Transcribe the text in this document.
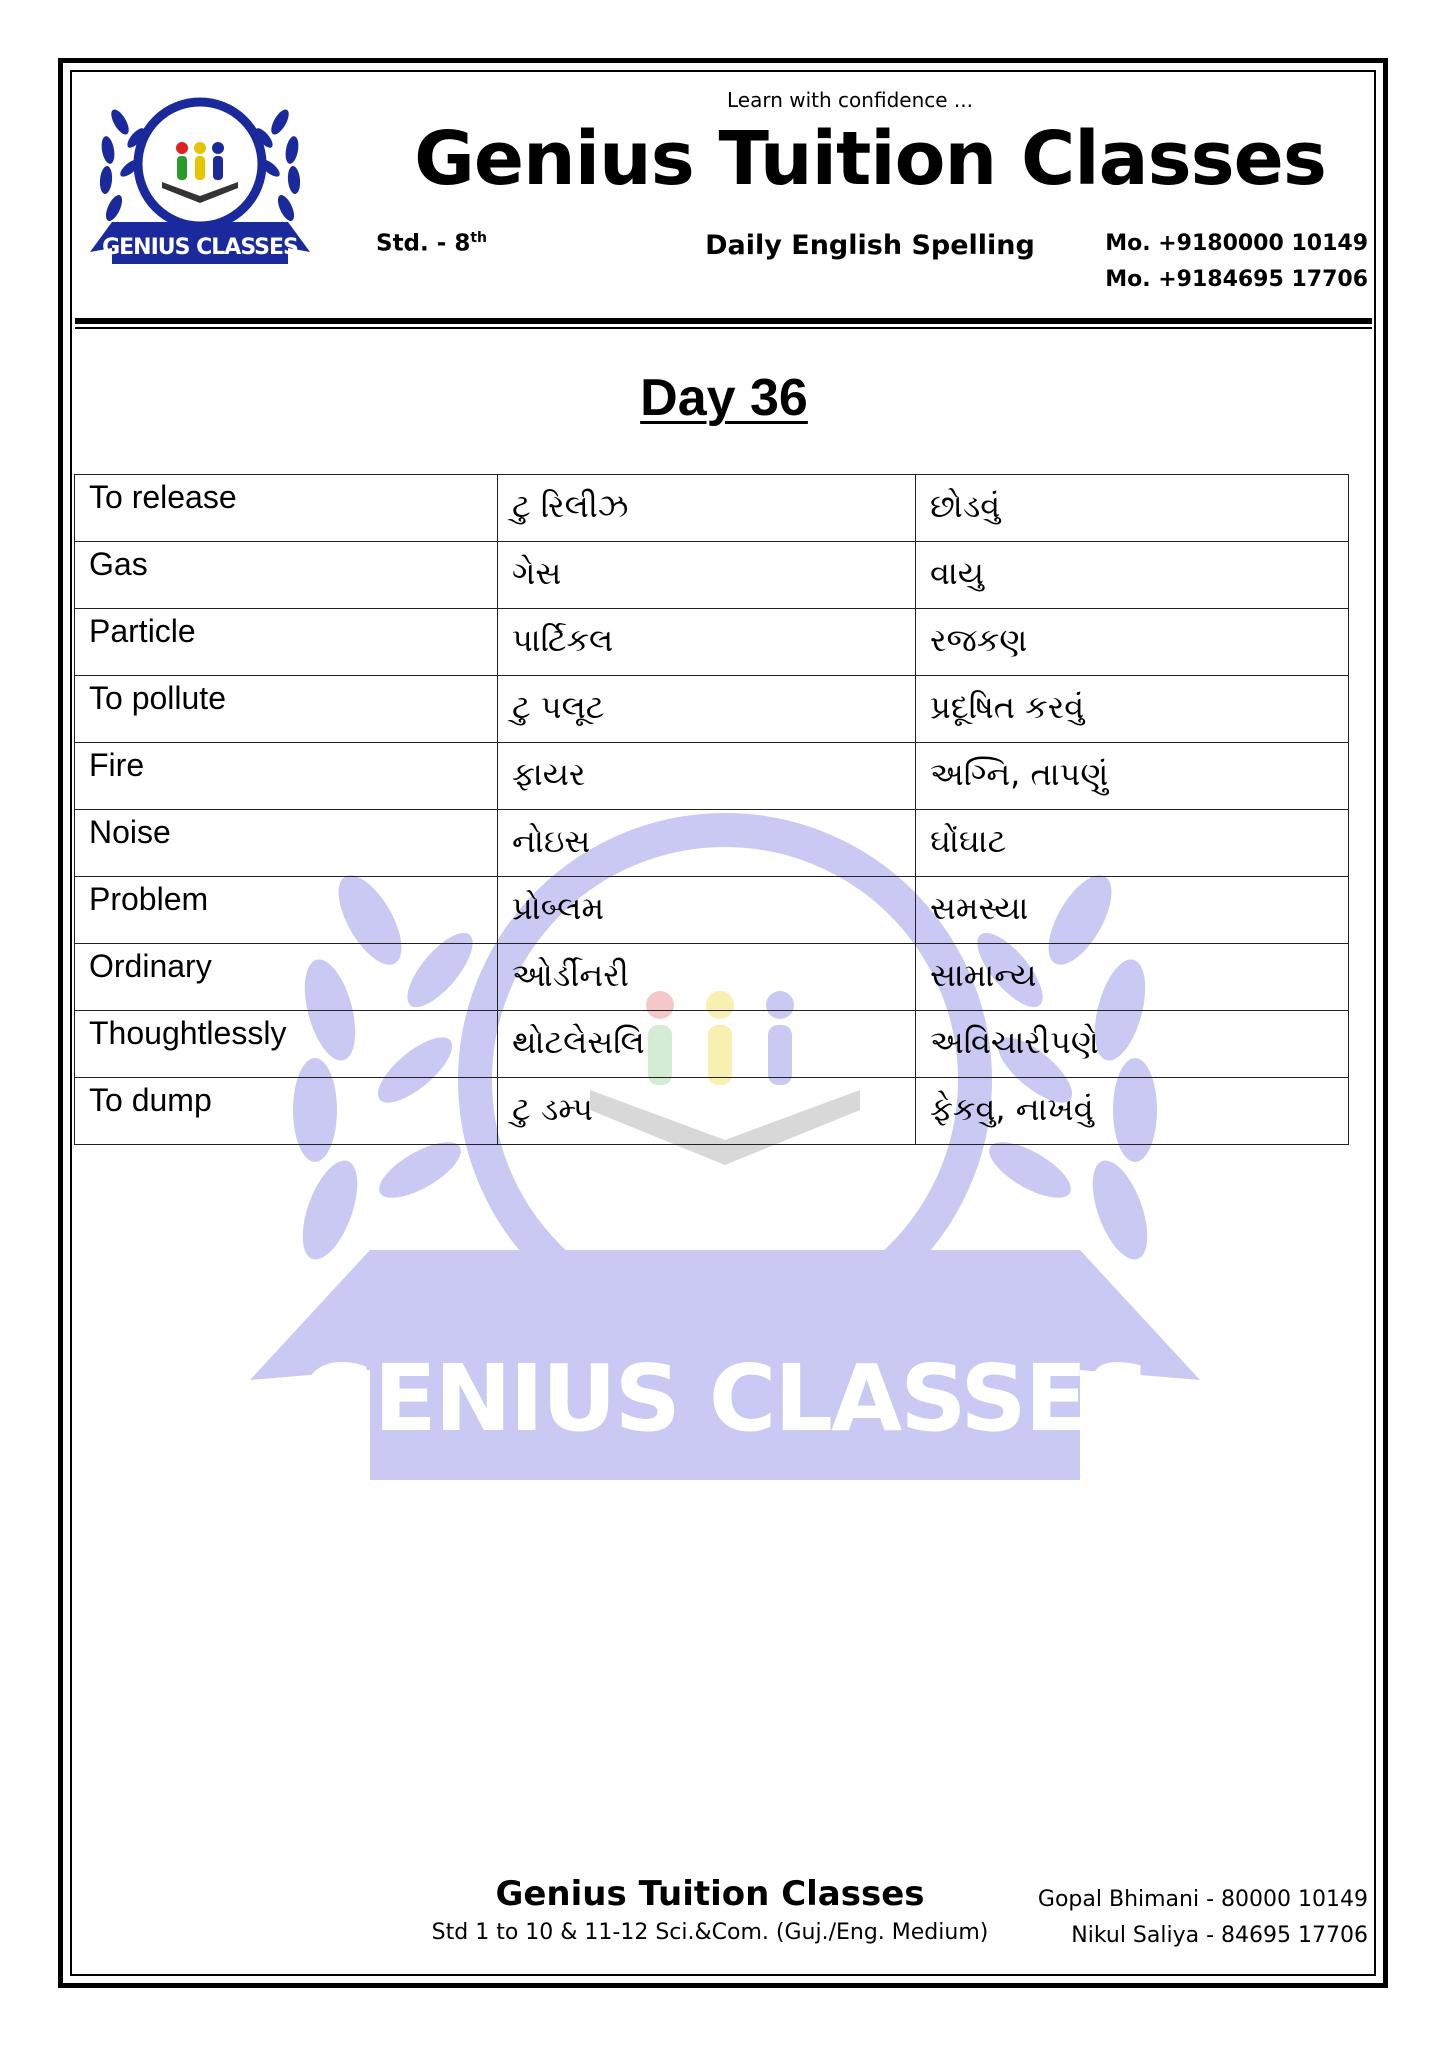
GENIUS CLASSES
GENIUS CLASSES
Learn with confidence ...
Genius Tuition Classes
Std. - 8th	Daily English Spelling	Mo. +9180000 10149
Mo. +9184695 17706
Day 36
To release	ટુ રિલીઝ	છોડવું
Gas	ગેસ	વાયુ
Particle	પાર્ટિકલ	રજકણ
To pollute	ટુ પલૂટ	પ્રદૂષિત કરવું
Fire	ફાયર	અગ્નિ, તાપણું
Noise	નોઇસ	ઘોંઘાટ
Problem	પ્રોબ્લમ	સમસ્યા
Ordinary	ઓર્ડીનરી	સામાન્ય
Thoughtlessly	થોટલેસલિ	અવિચારીપણે
To dump	ટુ ડમ્પ	ફેકવુ, નાખવું
Genius Tuition Classes
Std 1 to 10 & 11-12 Sci.&Com. (Guj./Eng. Medium)
Gopal Bhimani - 80000 10149
Nikul Saliya - 84695 17706
